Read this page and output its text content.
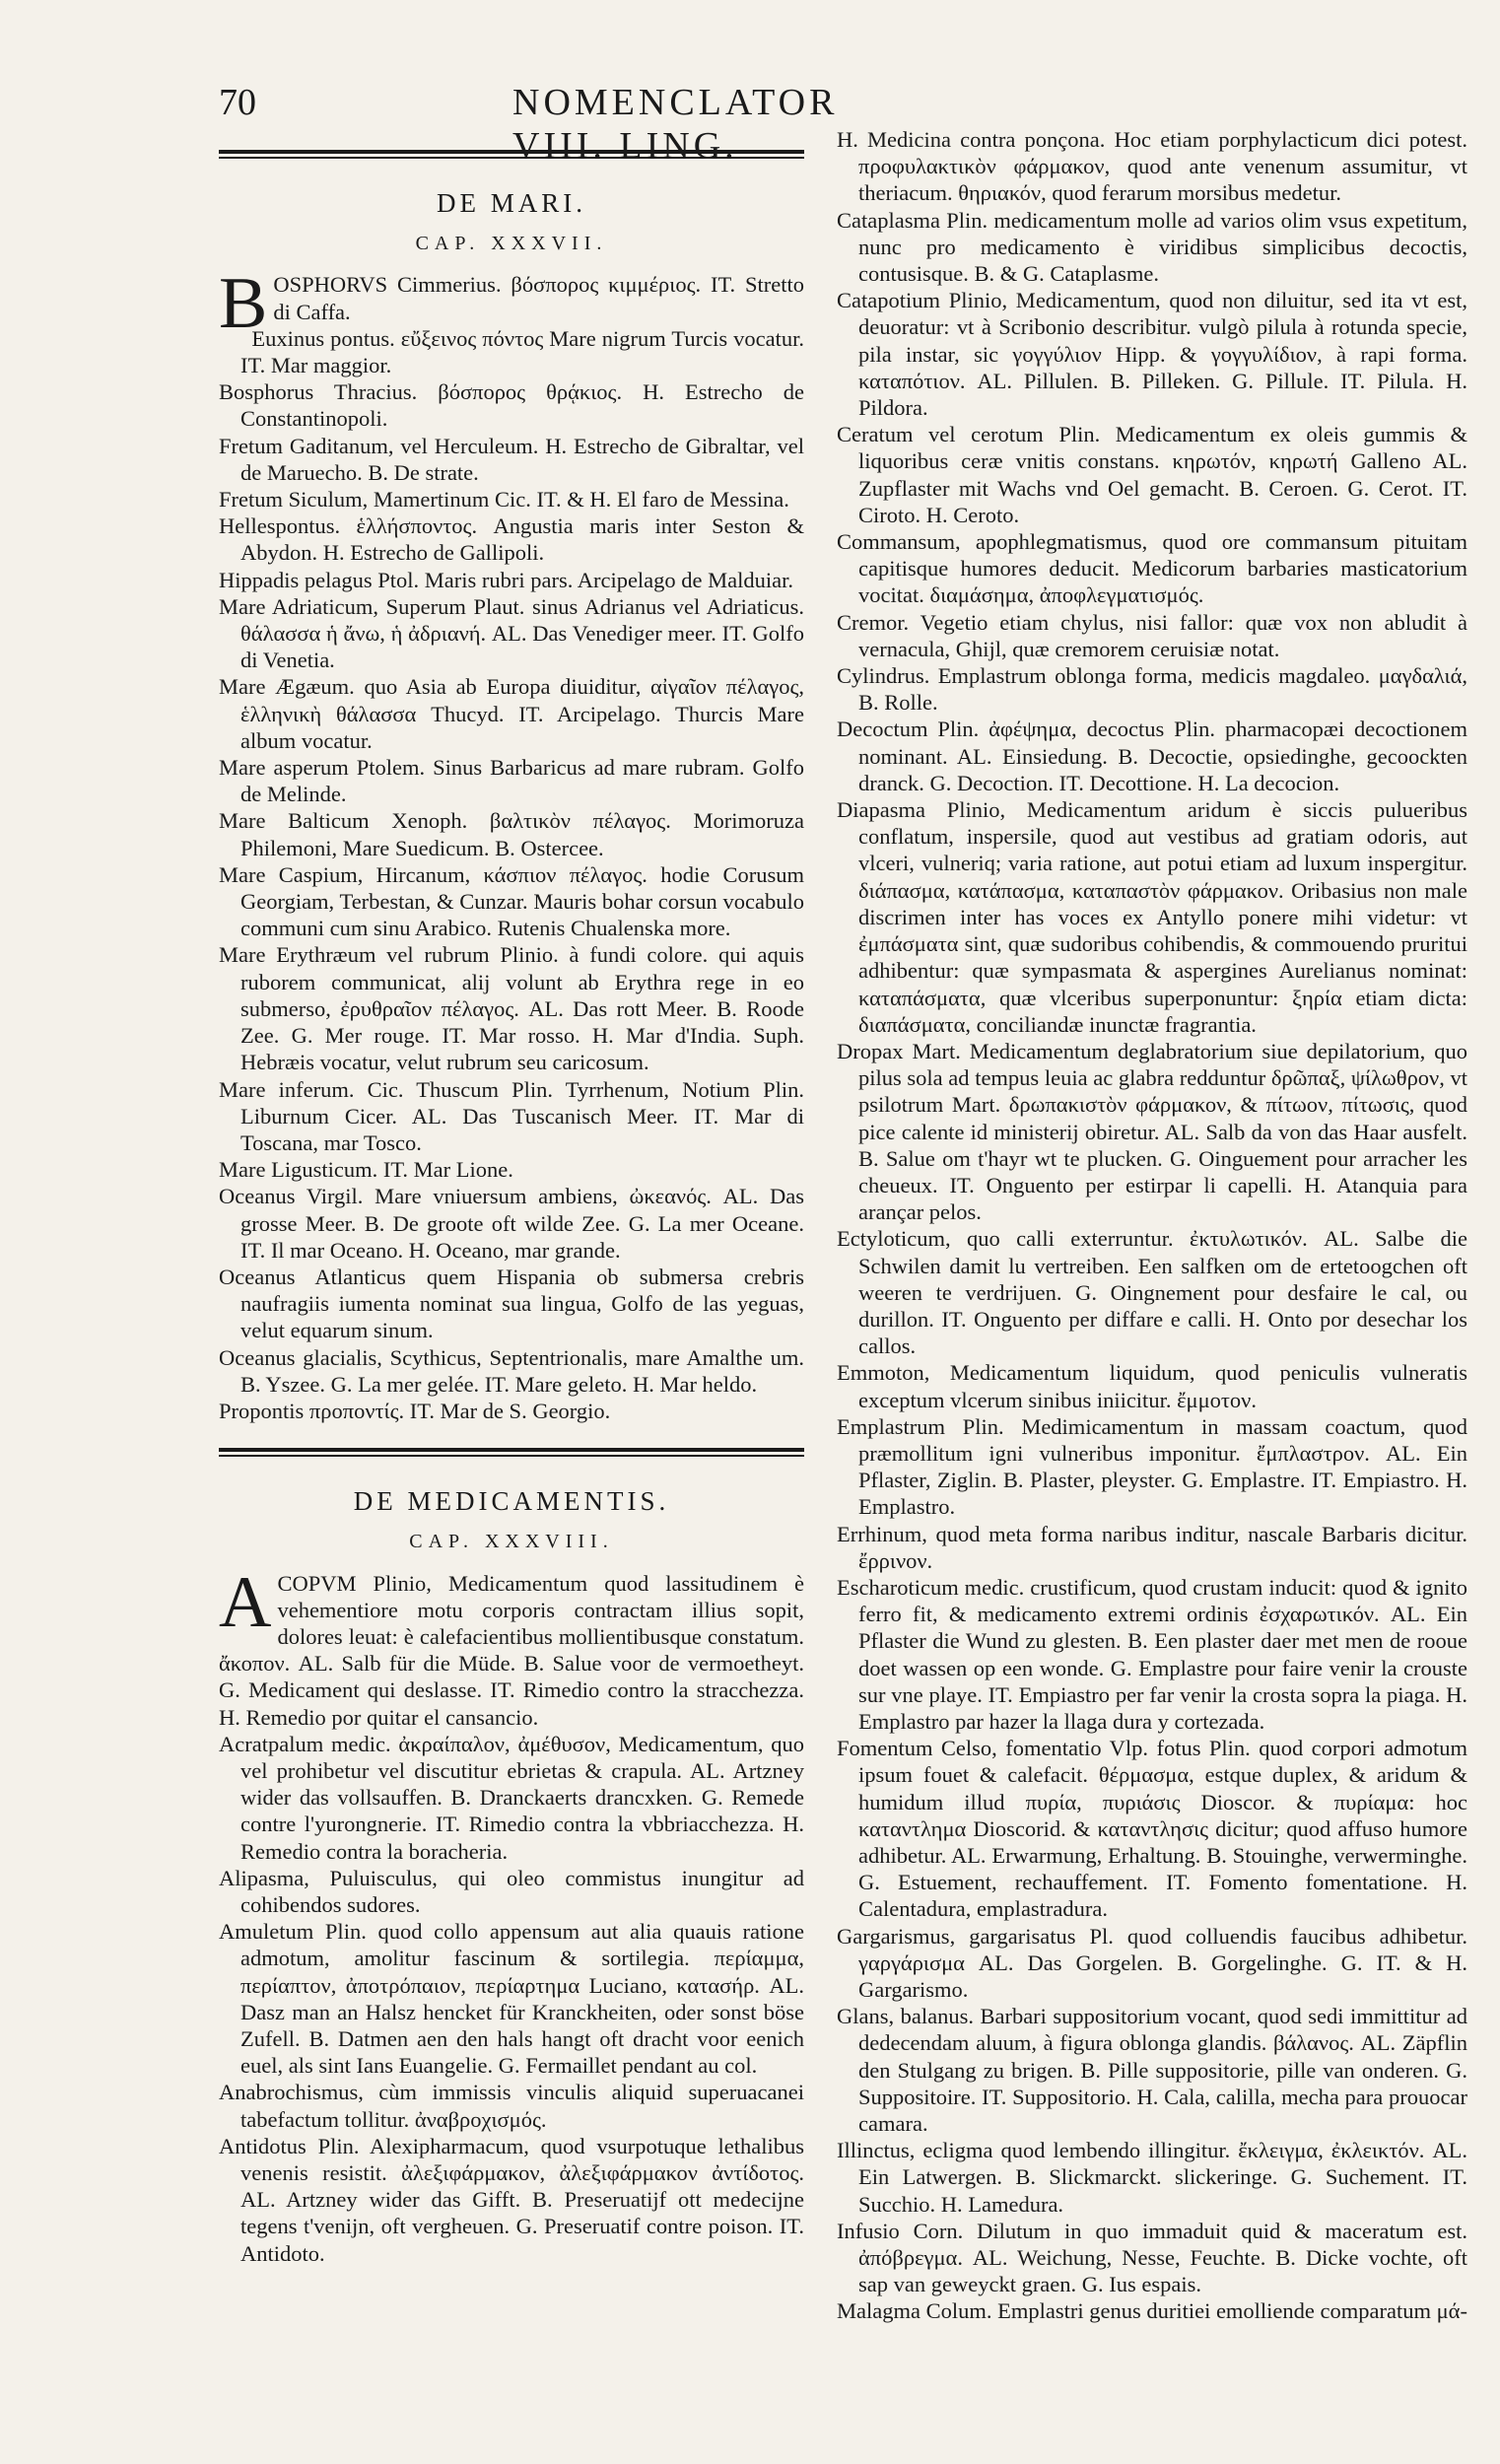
70	NOMENCLATOR VIII. LING.
DE MARI.
CAP. XXXVII.

BOSPHORVS Cimmerius. βόσπορος κιμμέριος. IT. Stretto di Caffa.

Euxinus pontus. εὔξεινος πόντος Mare nigrum Turcis vocatur. IT. Mar maggior.

Bosphorus Thracius. βόσπορος θρᾴκιος. H. Estrecho de Constantinopoli.

Fretum Gaditanum, vel Herculeum. H. Estrecho de Gibraltar, vel de Maruecho. B. De strate.

Fretum Siculum, Mamertinum Cic. IT. & H. El faro de Messina.

Hellespontus. ἑλλήσποντος. Angustia maris inter Seston & Abydon. H. Estrecho de Gallipoli.

Hippadis pelagus Ptol. Maris rubri pars. Arcipelago de Malduiar.

Mare Adriaticum, Superum Plaut. sinus Adrianus vel Adriaticus. θάλασσα ἡ ἄνω, ἡ ἀδριανή. AL. Das Venediger meer. IT. Golfo di Venetia.

Mare Ægæum. quo Asia ab Europa diuiditur, αἰγαῖον πέλαγος, ἑλληνικὴ θάλασσα Thucyd. IT. Arcipelago. Thurcis Mare album vocatur.

Mare asperum Ptolem. Sinus Barbaricus ad mare rubram. Golfo de Melinde.

Mare Balticum Xenoph. βαλτικὸν πέλαγος. Morimoruza Philemoni, Mare Suedicum. B. Ostercee.

Mare Caspium, Hircanum, κάσπιον πέλαγος. hodie Corusum Georgiam, Terbestan, & Cunzar. Mauris bohar corsun vocabulo communi cum sinu Arabico. Rutenis Chualenska more.

Mare Erythræum vel rubrum Plinio. à fundi colore. qui aquis ruborem communicat, alij volunt ab Erythra rege in eo submerso, ἐρυθραῖον πέλαγος. AL. Das rott Meer. B. Roode Zee. G. Mer rouge. IT. Mar rosso. H. Mar d'India. Suph. Hebræis vocatur, velut rubrum seu caricosum.

Mare inferum. Cic. Thuscum Plin. Tyrrhenum, Notium Plin. Liburnum Cicer. AL. Das Tuscanisch Meer. IT. Mar di Toscana, mar Tosco.

Mare Ligusticum. IT. Mar Lione.

Oceanus Virgil. Mare vniuersum ambiens, ὠκεανός. AL. Das grosse Meer. B. De groote oft wilde Zee. G. La mer Oceane. IT. Il mar Oceano. H. Oceano, mar grande.

Oceanus Atlanticus quem Hispania ob submersa crebris naufragiis iumenta nominat sua lingua, Golfo de las yeguas, velut equarum sinum.

Oceanus glacialis, Scythicus, Septentrionalis, mare Amalthe um. B. Yszee. G. La mer gelée. IT. Mare geleto. H. Mar heldo.

Propontis προποντίς. IT. Mar de S. Georgio.

DE MEDICAMENTIS.
CAP. XXXVIII.

ACOPVM Plinio, Medicamentum quod lassitudinem è vehementiore motu corporis contractam illius sopit, dolores leuat: è calefacientibus mollientibusque constatum. ἄκοπον. AL. Salb für die Müde. B. Salue voor de vermoetheyt. G. Medicament qui deslasse. IT. Rimedio contro la stracchezza. H. Remedio por quitar el cansancio.

Acratpalum medic. ἀκραίπαλον, ἀμέθυσον, Medicamentum, quo vel prohibetur vel discutitur ebrietas & crapula. AL. Artzney wider das vollsauffen. B. Dranckaerts drancxken. G. Remede contre l'yurongnerie. IT. Rimedio contra la vbbriacchezza. H. Remedio contra la boracheria.

Alipasma, Puluisculus, qui oleo commistus inungitur ad cohibendos sudores.

Amuletum Plin. quod collo appensum aut alia quauis ratione admotum, amolitur fascinum & sortilegia. περίαμμα, περίαπτον, ἀποτρόπαιον, περίαρτημα Luciano, κατασήρ. AL. Dasz man an Halsz hencket für Kranckheiten, oder sonst böse Zufell. B. Datmen aen den hals hangt oft dracht voor eenich euel, als sint Ians Euangelie. G. Fermaillet pendant au col.

Anabrochismus, cùm immissis vinculis aliquid superuacanei tabefactum tollitur. ἀναβροχισμός.

Antidotus Plin. Alexipharmacum, quod vsurpotuque lethalibus venenis resistit. ἀλεξιφάρμακον, ἀλεξιφάρμακον ἀντίδοτος. AL. Artzney wider das Gifft. B. Preseruatijf ott medecijne tegens t'venijn, oft vergheuen. G. Preseruatif contre poison. IT. Antidoto.

H. Medicina contra ponçona. Hoc etiam porphylacticum dici potest. προφυλακτικὸν φάρμακον, quod ante venenum assumitur, vt theriacum. θηριακόν, quod ferarum morsibus medetur.

Cataplasma Plin. medicamentum molle ad varios olim vsus expetitum, nunc pro medicamento è viridibus simplicibus decoctis, contusisque. B. & G. Cataplasme.

Catapotium Plinio, Medicamentum, quod non diluitur, sed ita vt est, deuoratur: vt à Scribonio describitur. vulgò pilula à rotunda specie, pila instar, sic γογγύλιον Hipp. & γογγυλίδιον, à rapi forma. καταπότιον. AL. Pillulen. B. Pilleken. G. Pillule. IT. Pilula. H. Pildora.

Ceratum vel cerotum Plin. Medicamentum ex oleis gummis & liquoribus ceræ vnitis constans. κηρωτόν, κηρωτή Galleno AL. Zupflaster mit Wachs vnd Oel gemacht. B. Ceroen. G. Cerot. IT. Ciroto. H. Ceroto.

Commansum, apophlegmatismus, quod ore commansum pituitam capitisque humores deducit. Medicorum barbaries masticatorium vocitat. διαμάσημα, ἀποφλεγματισμός.

Cremor. Vegetio etiam chylus, nisi fallor: quæ vox non abludit à vernacula, Ghijl, quæ cremorem ceruisiæ notat.

Cylindrus. Emplastrum oblonga forma, medicis magdaleo. μαγδαλιά, B. Rolle.

Decoctum Plin. ἀφέψημα, decoctus Plin. pharmacopæi decoctionem nominant. AL. Einsiedung. B. Decoctie, opsiedinghe, gecoockten dranck. G. Decoction. IT. Decottione. H. La decocion.

Diapasma Plinio, Medicamentum aridum è siccis pulueribus conflatum, inspersile, quod aut vestibus ad gratiam odoris, aut vlceri, vulneriq; varia ratione, aut potui etiam ad luxum inspergitur. διάπασμα, κατάπασμα, καταπαστὸν φάρμακον. Oribasius non male discrimen inter has voces ex Antyllo ponere mihi videtur: vt ἐμπάσματα sint, quæ sudoribus cohibendis, & commouendo pruritui adhibentur: quæ sympasmata & aspergines Aurelianus nominat: καταπάσματα, quæ vlceribus superponuntur: ξηρία etiam dicta: διαπάσματα, conciliandæ inunctæ fragrantia.

Dropax Mart. Medicamentum deglabratorium siue depilatorium, quo pilus sola ad tempus leuia ac glabra redduntur δρῶπαξ, ψίλωθρον, vt psilotrum Mart. δρωπακιστὸν φάρμακον, & πίτωον, πίτωσις, quod pice calente id ministerij obiretur. AL. Salb da von das Haar ausfelt. B. Salue om t'hayr wt te plucken. G. Oinguement pour arracher les cheueux. IT. Onguento per estirpar li capelli. H. Atanquia para arançar pelos.

Ectyloticum, quo calli exterruntur. ἐκτυλωτικόν. AL. Salbe die Schwilen damit lu vertreiben. Een salfken om de ertetoogchen oft weeren te verdrijuen. G. Oingnement pour desfaire le cal, ou durillon. IT. Onguento per diffare e calli. H. Onto por desechar los callos.

Emmoton, Medicamentum liquidum, quod peniculis vulneratis exceptum vlcerum sinibus iniicitur. ἔμμοτον.

Emplastrum Plin. Medimicamentum in massam coactum, quod præmollitum igni vulneribus imponitur. ἔμπλαστρον. AL. Ein Pflaster, Ziglin. B. Plaster, pleyster. G. Emplastre. IT. Empiastro. H. Emplastro.

Errhinum, quod meta forma naribus inditur, nascale Barbaris dicitur. ἔρρινον.

Escharoticum medic. crustificum, quod crustam inducit: quod & ignito ferro fit, & medicamento extremi ordinis ἐσχαρωτικόν. AL. Ein Pflaster die Wund zu glesten. B. Een plaster daer met men de rooue doet wassen op een wonde. G. Emplastre pour faire venir la crouste sur vne playe. IT. Empiastro per far venir la crosta sopra la piaga. H. Emplastro par hazer la llaga dura y cortezada.

Fomentum Celso, fomentatio Vlp. fotus Plin. quod corpori admotum ipsum fouet & calefacit. θέρμασμα, estque duplex, & aridum & humidum illud πυρία, πυριάσις Dioscor. & πυρίαμα: hoc καταντλημα Dioscorid. & καταντλησις dicitur; quod affuso humore adhibetur. AL. Erwarmung, Erhaltung. B. Stouinghe, verwerminghe. G. Estuement, rechauffement. IT. Fomento fomentatione. H. Calentadura, emplastradura.

Gargarismus, gargarisatus Pl. quod colluendis faucibus adhibetur. γαργάρισμα AL. Das Gorgelen. B. Gorgelinghe. G. IT. & H. Gargarismo.

Glans, balanus. Barbari suppositorium vocant, quod sedi immittitur ad dedecendam aluum, à figura oblonga glandis. βάλανος. AL. Zäpflin den Stulgang zu brigen. B. Pille suppositorie, pille van onderen. G. Suppositoire. IT. Suppositorio. H. Cala, calilla, mecha para prouocar camara.

Illinctus, ecligma quod lembendo illingitur. ἔκλειγμα, ἐκλεικτόν. AL. Ein Latwergen. B. Slickmarckt. slickeringe. G. Suchement. IT. Succhio. H. Lamedura.

Infusio Corn. Dilutum in quo immaduit quid & maceratum est. ἀπόβρεγμα. AL. Weichung, Nesse, Feuchte. B. Dicke vochte, oft sap van geweyckt graen. G. Ius espais.

Malagma Colum. Emplastri genus duritiei emolliende comparatum μά-
